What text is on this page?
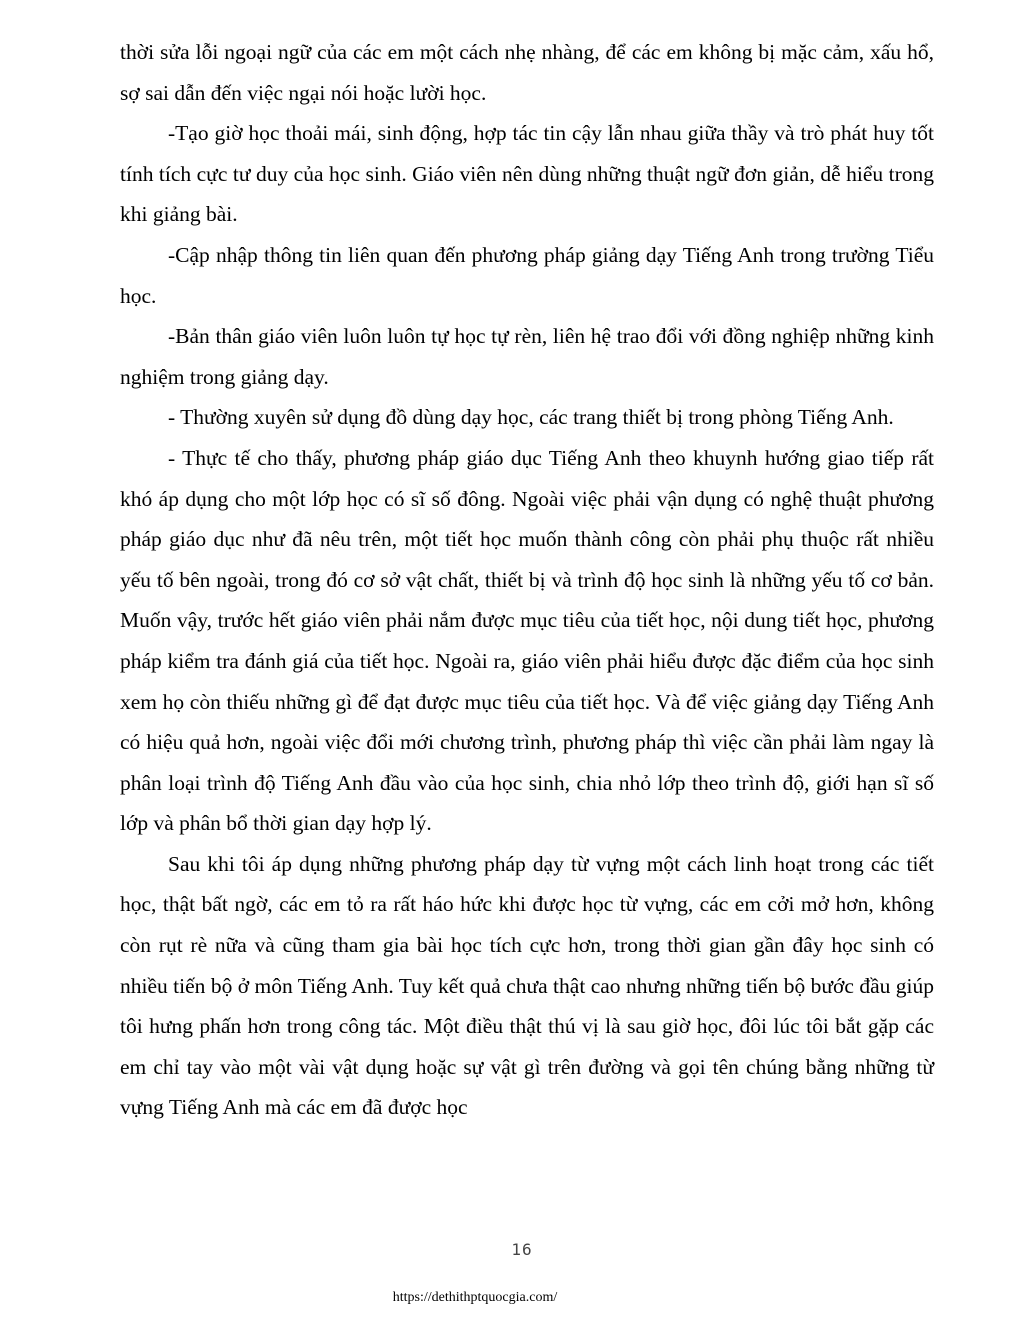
thời sửa lỗi ngoại ngữ của các em một cách nhẹ nhàng, để các em không bị mặc cảm, xấu hổ, sợ sai dẫn đến việc ngại nói hoặc lười học.

-Tạo giờ học thoải mái, sinh động, hợp tác tin cậy lẫn nhau giữa thầy và trò phát huy tốt tính tích cực tư duy của học sinh. Giáo viên nên dùng những thuật ngữ đơn giản, dễ hiểu trong khi giảng bài.

-Cập nhập thông tin liên quan đến phương pháp giảng dạy Tiếng Anh trong trường Tiểu học.

-Bản thân giáo viên luôn luôn tự học tự rèn, liên hệ trao đổi với đồng nghiệp những kinh nghiệm trong giảng dạy.

- Thường xuyên sử dụng đồ dùng dạy học, các trang thiết bị trong phòng Tiếng Anh.

- Thực tế cho thấy, phương pháp giáo dục Tiếng Anh theo khuynh hướng giao tiếp rất khó áp dụng cho một lớp học có sĩ số đông. Ngoài việc phải vận dụng có nghệ thuật phương pháp giáo dục như đã nêu trên, một tiết học muốn thành công còn phải phụ thuộc rất nhiều yếu tố bên ngoài, trong đó cơ sở vật chất, thiết bị và trình độ học sinh là những yếu tố cơ bản. Muốn vậy, trước hết giáo viên phải nắm được mục tiêu của tiết học, nội dung tiết học, phương pháp kiểm tra đánh giá của tiết học. Ngoài ra, giáo viên phải hiểu được đặc điểm của học sinh xem họ còn thiếu những gì để đạt được mục tiêu của tiết học. Và để việc giảng dạy Tiếng Anh có hiệu quả hơn, ngoài việc đổi mới chương trình, phương pháp thì việc cần phải làm ngay là phân loại trình độ Tiếng Anh đầu vào của học sinh, chia nhỏ lớp theo trình độ, giới hạn sĩ số lớp và phân bổ thời gian dạy hợp lý.

Sau khi tôi áp dụng những phương pháp dạy từ vựng một cách linh hoạt trong các tiết học, thật bất ngờ, các em tỏ ra rất háo hức khi được học từ vựng, các em cởi mở hơn, không còn rụt rè nữa và cũng tham gia bài học tích cực hơn, trong thời gian gần đây học sinh có nhiều tiến bộ ở môn Tiếng Anh. Tuy kết quả chưa thật cao nhưng những tiến bộ bước đầu giúp tôi hưng phấn hơn trong công tác. Một điều thật thú vị là sau giờ học, đôi lúc tôi bắt gặp các em chỉ tay vào một vài vật dụng hoặc sự vật gì trên đường và gọi tên chúng bằng những từ vựng Tiếng Anh mà các em đã được học

16
https://dethithptquocgia.com/
